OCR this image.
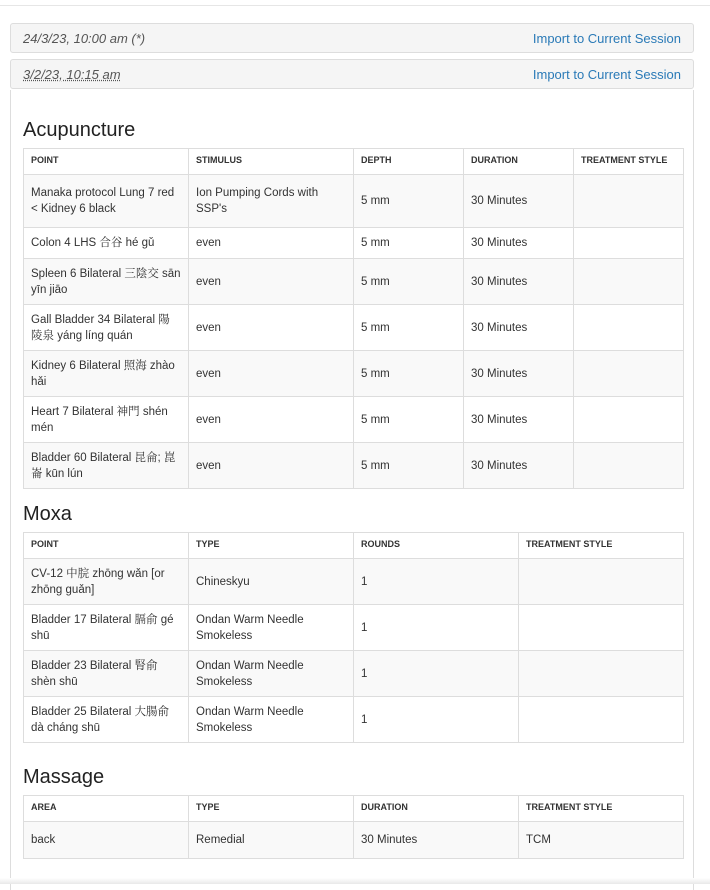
24/3/23, 10:00 am (*)	Import to Current Session
3/2/23, 10:15 am	Import to Current Session
Acupuncture
POINT	STIMULUS	DEPTH	DURATION	TREATMENT STYLE
Manaka protocol Lung 7 red < Kidney 6 black	Ion Pumping Cords with SSP's	5 mm	30 Minutes	
Colon 4 LHS 合谷 hé gǔ	even	5 mm	30 Minutes	
Spleen 6 Bilateral 三陰交 sān yīn jiāo	even	5 mm	30 Minutes	
Gall Bladder 34 Bilateral 陽陵泉 yáng líng quán	even	5 mm	30 Minutes	
Kidney 6 Bilateral 照海 zhào hǎi	even	5 mm	30 Minutes	
Heart 7 Bilateral 神門 shén mén	even	5 mm	30 Minutes	
Bladder 60 Bilateral 昆侖; 崑崙 kūn lún	even	5 mm	30 Minutes	
Moxa
POINT	TYPE	ROUNDS	TREATMENT STYLE
CV-12 中脘 zhōng wǎn [or zhōng guǎn]	Chineskyu	1	
Bladder 17 Bilateral 膈俞 gé shū	Ondan Warm Needle Smokeless	1	
Bladder 23 Bilateral 腎俞 shèn shū	Ondan Warm Needle Smokeless	1	
Bladder 25 Bilateral 大腸俞 dà cháng shū	Ondan Warm Needle Smokeless	1	
Massage
AREA	TYPE	DURATION	TREATMENT STYLE
back	Remedial	30 Minutes	TCM
